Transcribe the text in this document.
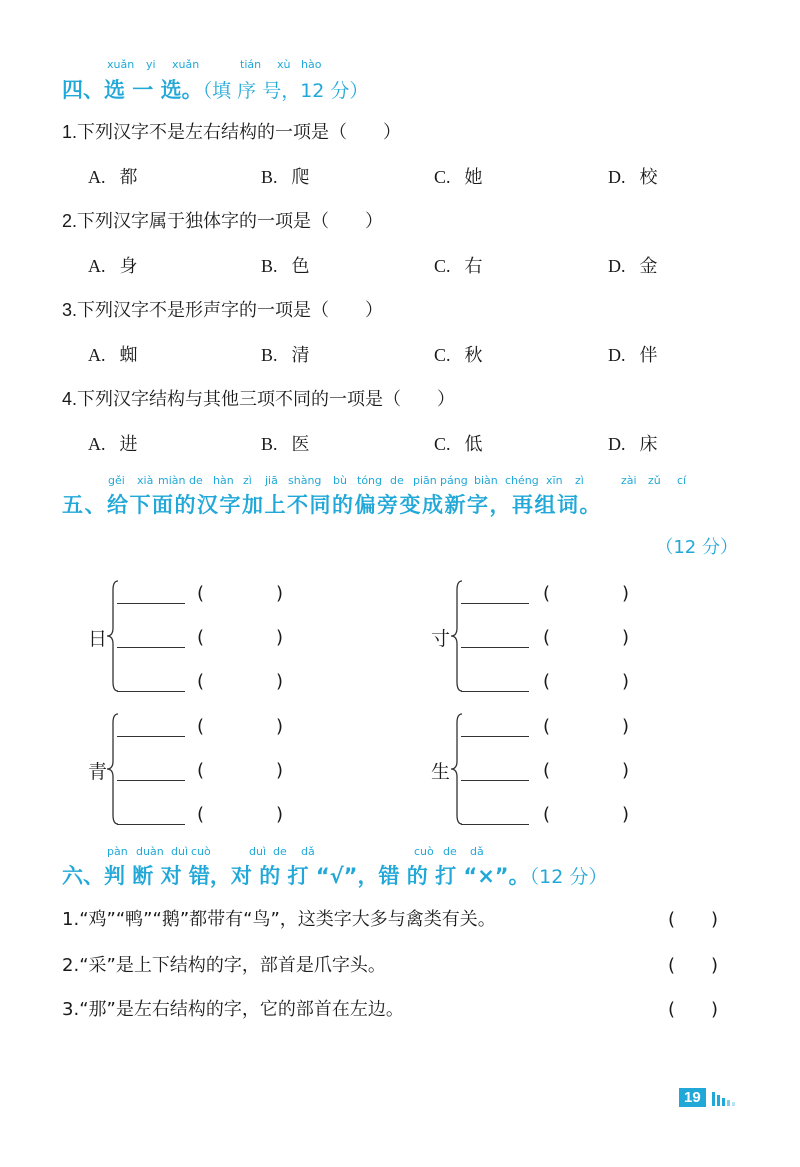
xuǎn yi xuǎn	tián xù hào
四、选 一 选。（填 序 号，12 分）
1.下列汉字不是左右结构的一项是（　　）
A. 都	B. 爬	C. 她	D. 校
2.下列汉字属于独体字的一项是（　　）
A. 身	B. 色	C. 右	D. 金
3.下列汉字不是形声字的一项是（　　）
A. 蜘	B. 清	C. 秋	D. 伴
4.下列汉字结构与其他三项不同的一项是（　　）
A. 进	B. 医	C. 低	D. 床
gěi xià miàn de hàn zì jiā shàng bù tóng de piān páng biàn chéng xīn zì	zài zǔ cí
五、给下面的汉字加上不同的偏旁变成新字，再组词。
（12 分）
日
(　　　　)
(　　　　)
(　　　　)
寸
(　　　　)
(　　　　)
(　　　　)
青
(　　　　)
(　　　　)
(　　　　)
生
(　　　　)
(　　　　)
(　　　　)
pàn duàn duì cuò	duì de dǎ	cuò de dǎ
六、判 断 对 错，对 的 打 “√”，错 的 打 “×”。（12 分）
1.“鸡”“鸭”“鹅”都带有“鸟”，这类字大多与禽类有关。	(　　)
2.“采”是上下结构的字，部首是爪字头。	(　　)
3.“那”是左右结构的字，它的部首在左边。	(　　)
19
